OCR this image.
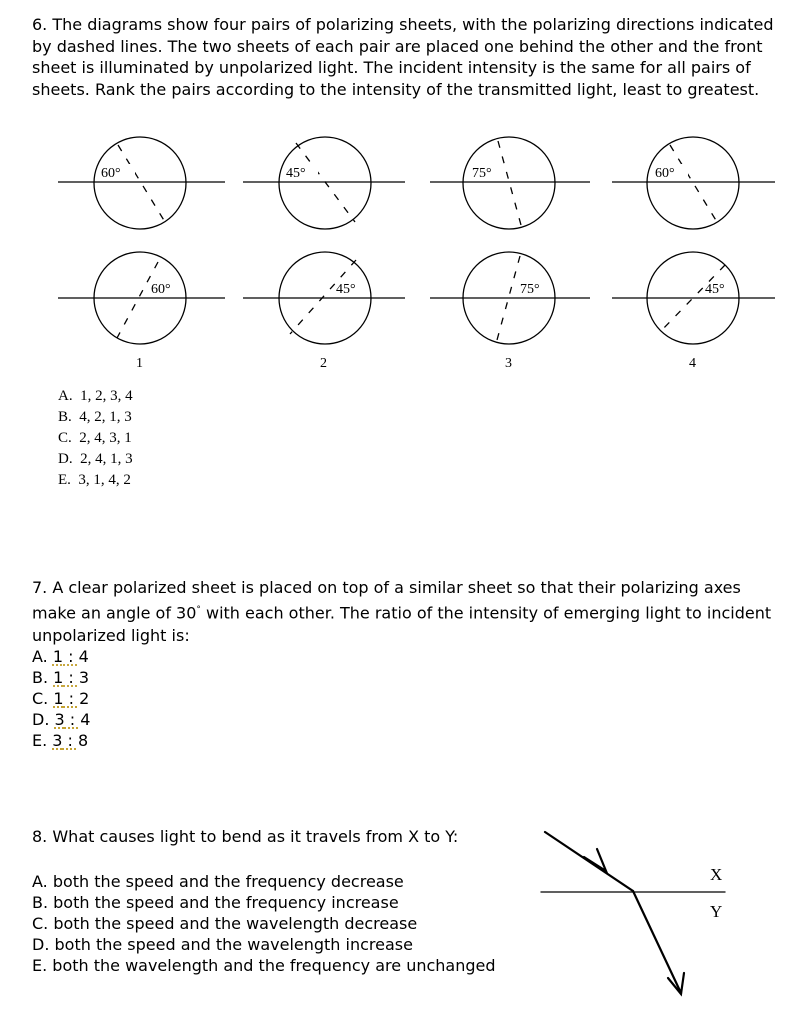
6. The diagrams show four pairs of polarizing sheets, with the polarizing directions indicated by dashed lines. The two sheets of each pair are placed one behind the other and the front sheet is illuminated by unpolarized light. The incident intensity is the same for all pairs of sheets. Rank the pairs according to the intensity of the transmitted light, least to greatest.
60°	45°	75°	60°
60°	45°	75°	45°
1	2	3	4
A. 1, 2, 3, 4
B. 4, 2, 1, 3
C. 2, 4, 3, 1
D. 2, 4, 1, 3
E. 3, 1, 4, 2
7. A clear polarized sheet is placed on top of a similar sheet so that their polarizing axes make an angle of 30° with each other. The ratio of the intensity of emerging light to incident unpolarized light is:
A. 1 : 4
B. 1 : 3
C. 1 : 2
D. 3 : 4
E. 3 : 8
8. What causes light to bend as it travels from X to Y:
A. both the speed and the frequency decrease
B. both the speed and the frequency increase
C. both the speed and the wavelength decrease
D. both the speed and the wavelength increase
E. both the wavelength and the frequency are unchanged
X
Y
